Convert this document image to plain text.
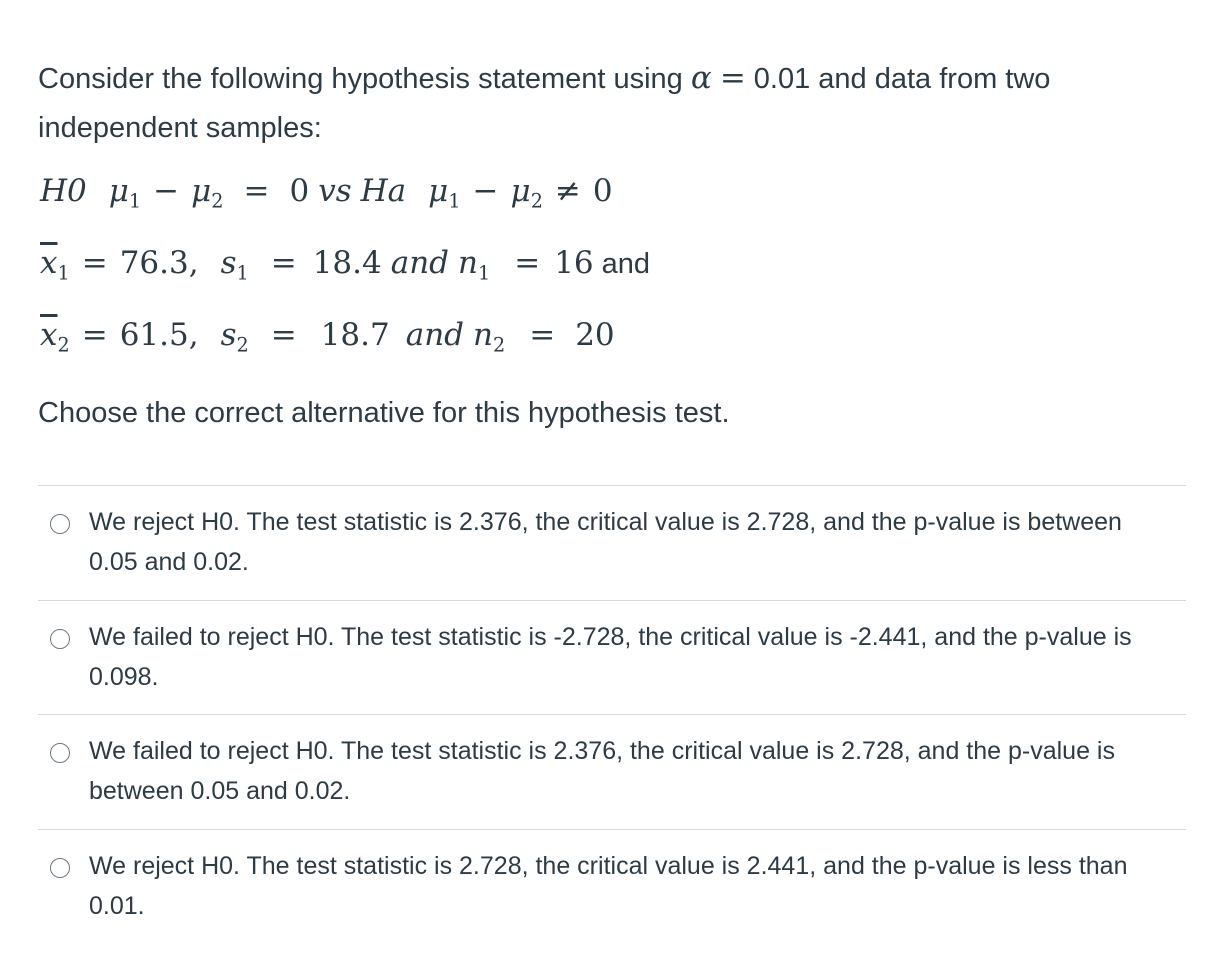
Consider the following hypothesis statement using α = 0.01 and data from two independent samples:
H0 $\mu_1 - \mu_2 = 0$ vs Ha $\mu_1 - \mu_2 \ne 0$
$\overline{x}_1 = 76.3$, $s_1 = 18.4$ and $n_1 = 16$ and
$\overline{x}_2 = 61.5$, $s_2 = 18.7$ and $n_2 = 20$
Choose the correct alternative for this hypothesis test.
We reject H0. The test statistic is 2.376, the critical value is 2.728, and the p-value is between 0.05 and 0.02.
We failed to reject H0. The test statistic is -2.728, the critical value is -2.441, and the p-value is 0.098.
We failed to reject H0. The test statistic is 2.376, the critical value is 2.728, and the p-value is between 0.05 and 0.02.
We reject H0. The test statistic is 2.728, the critical value is 2.441, and the p-value is less than 0.01.
